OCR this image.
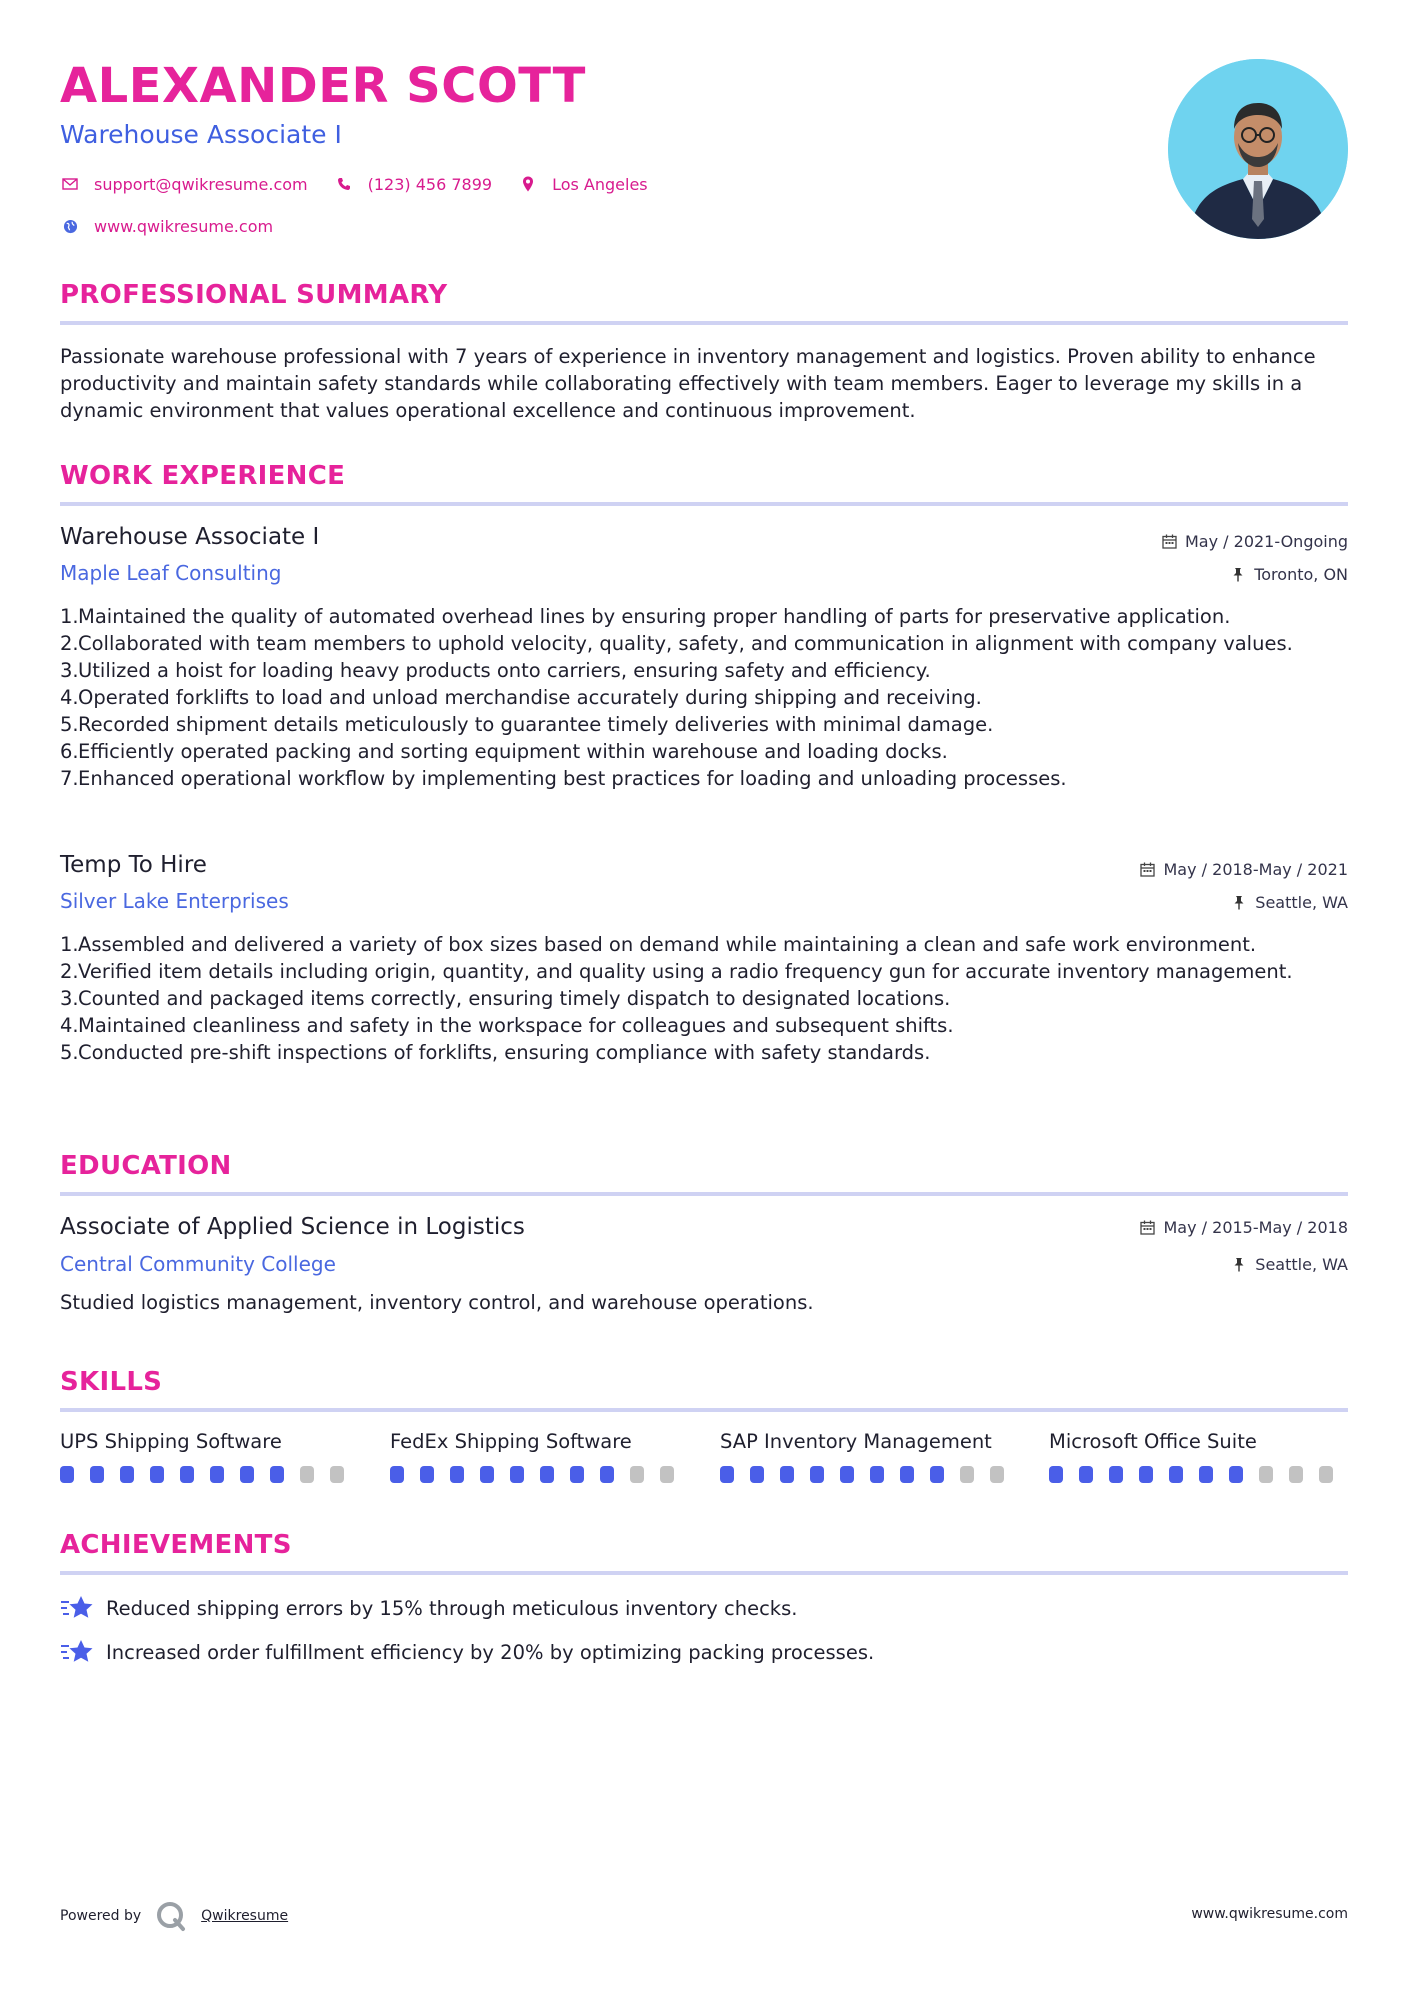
ALEXANDER SCOTT
Warehouse Associate I
support@qwikresume.com	(123) 456 7899	Los Angeles
www.qwikresume.com
PROFESSIONAL SUMMARY
Passionate warehouse professional with 7 years of experience in inventory management and logistics. Proven ability to enhance productivity and maintain safety standards while collaborating effectively with team members. Eager to leverage my skills in a dynamic environment that values operational excellence and continuous improvement.
WORK EXPERIENCE
Warehouse Associate I	May / 2021-Ongoing
Maple Leaf Consulting	Toronto, ON
1. Maintained the quality of automated overhead lines by ensuring proper handling of parts for preservative application.
2. Collaborated with team members to uphold velocity, quality, safety, and communication in alignment with company values.
3. Utilized a hoist for loading heavy products onto carriers, ensuring safety and efficiency.
4. Operated forklifts to load and unload merchandise accurately during shipping and receiving.
5. Recorded shipment details meticulously to guarantee timely deliveries with minimal damage.
6. Efficiently operated packing and sorting equipment within warehouse and loading docks.
7. Enhanced operational workflow by implementing best practices for loading and unloading processes.
Temp To Hire	May / 2018-May / 2021
Silver Lake Enterprises	Seattle, WA
1. Assembled and delivered a variety of box sizes based on demand while maintaining a clean and safe work environment.
2. Verified item details including origin, quantity, and quality using a radio frequency gun for accurate inventory management.
3. Counted and packaged items correctly, ensuring timely dispatch to designated locations.
4. Maintained cleanliness and safety in the workspace for colleagues and subsequent shifts.
5. Conducted pre-shift inspections of forklifts, ensuring compliance with safety standards.
EDUCATION
Associate of Applied Science in Logistics	May / 2015-May / 2018
Central Community College	Seattle, WA
Studied logistics management, inventory control, and warehouse operations.
SKILLS
UPS Shipping Software	FedEx Shipping Software	SAP Inventory Management	Microsoft Office Suite
ACHIEVEMENTS
Reduced shipping errors by 15% through meticulous inventory checks.
Increased order fulfillment efficiency by 20% by optimizing packing processes.
Powered by	Qwikresume	www.qwikresume.com
